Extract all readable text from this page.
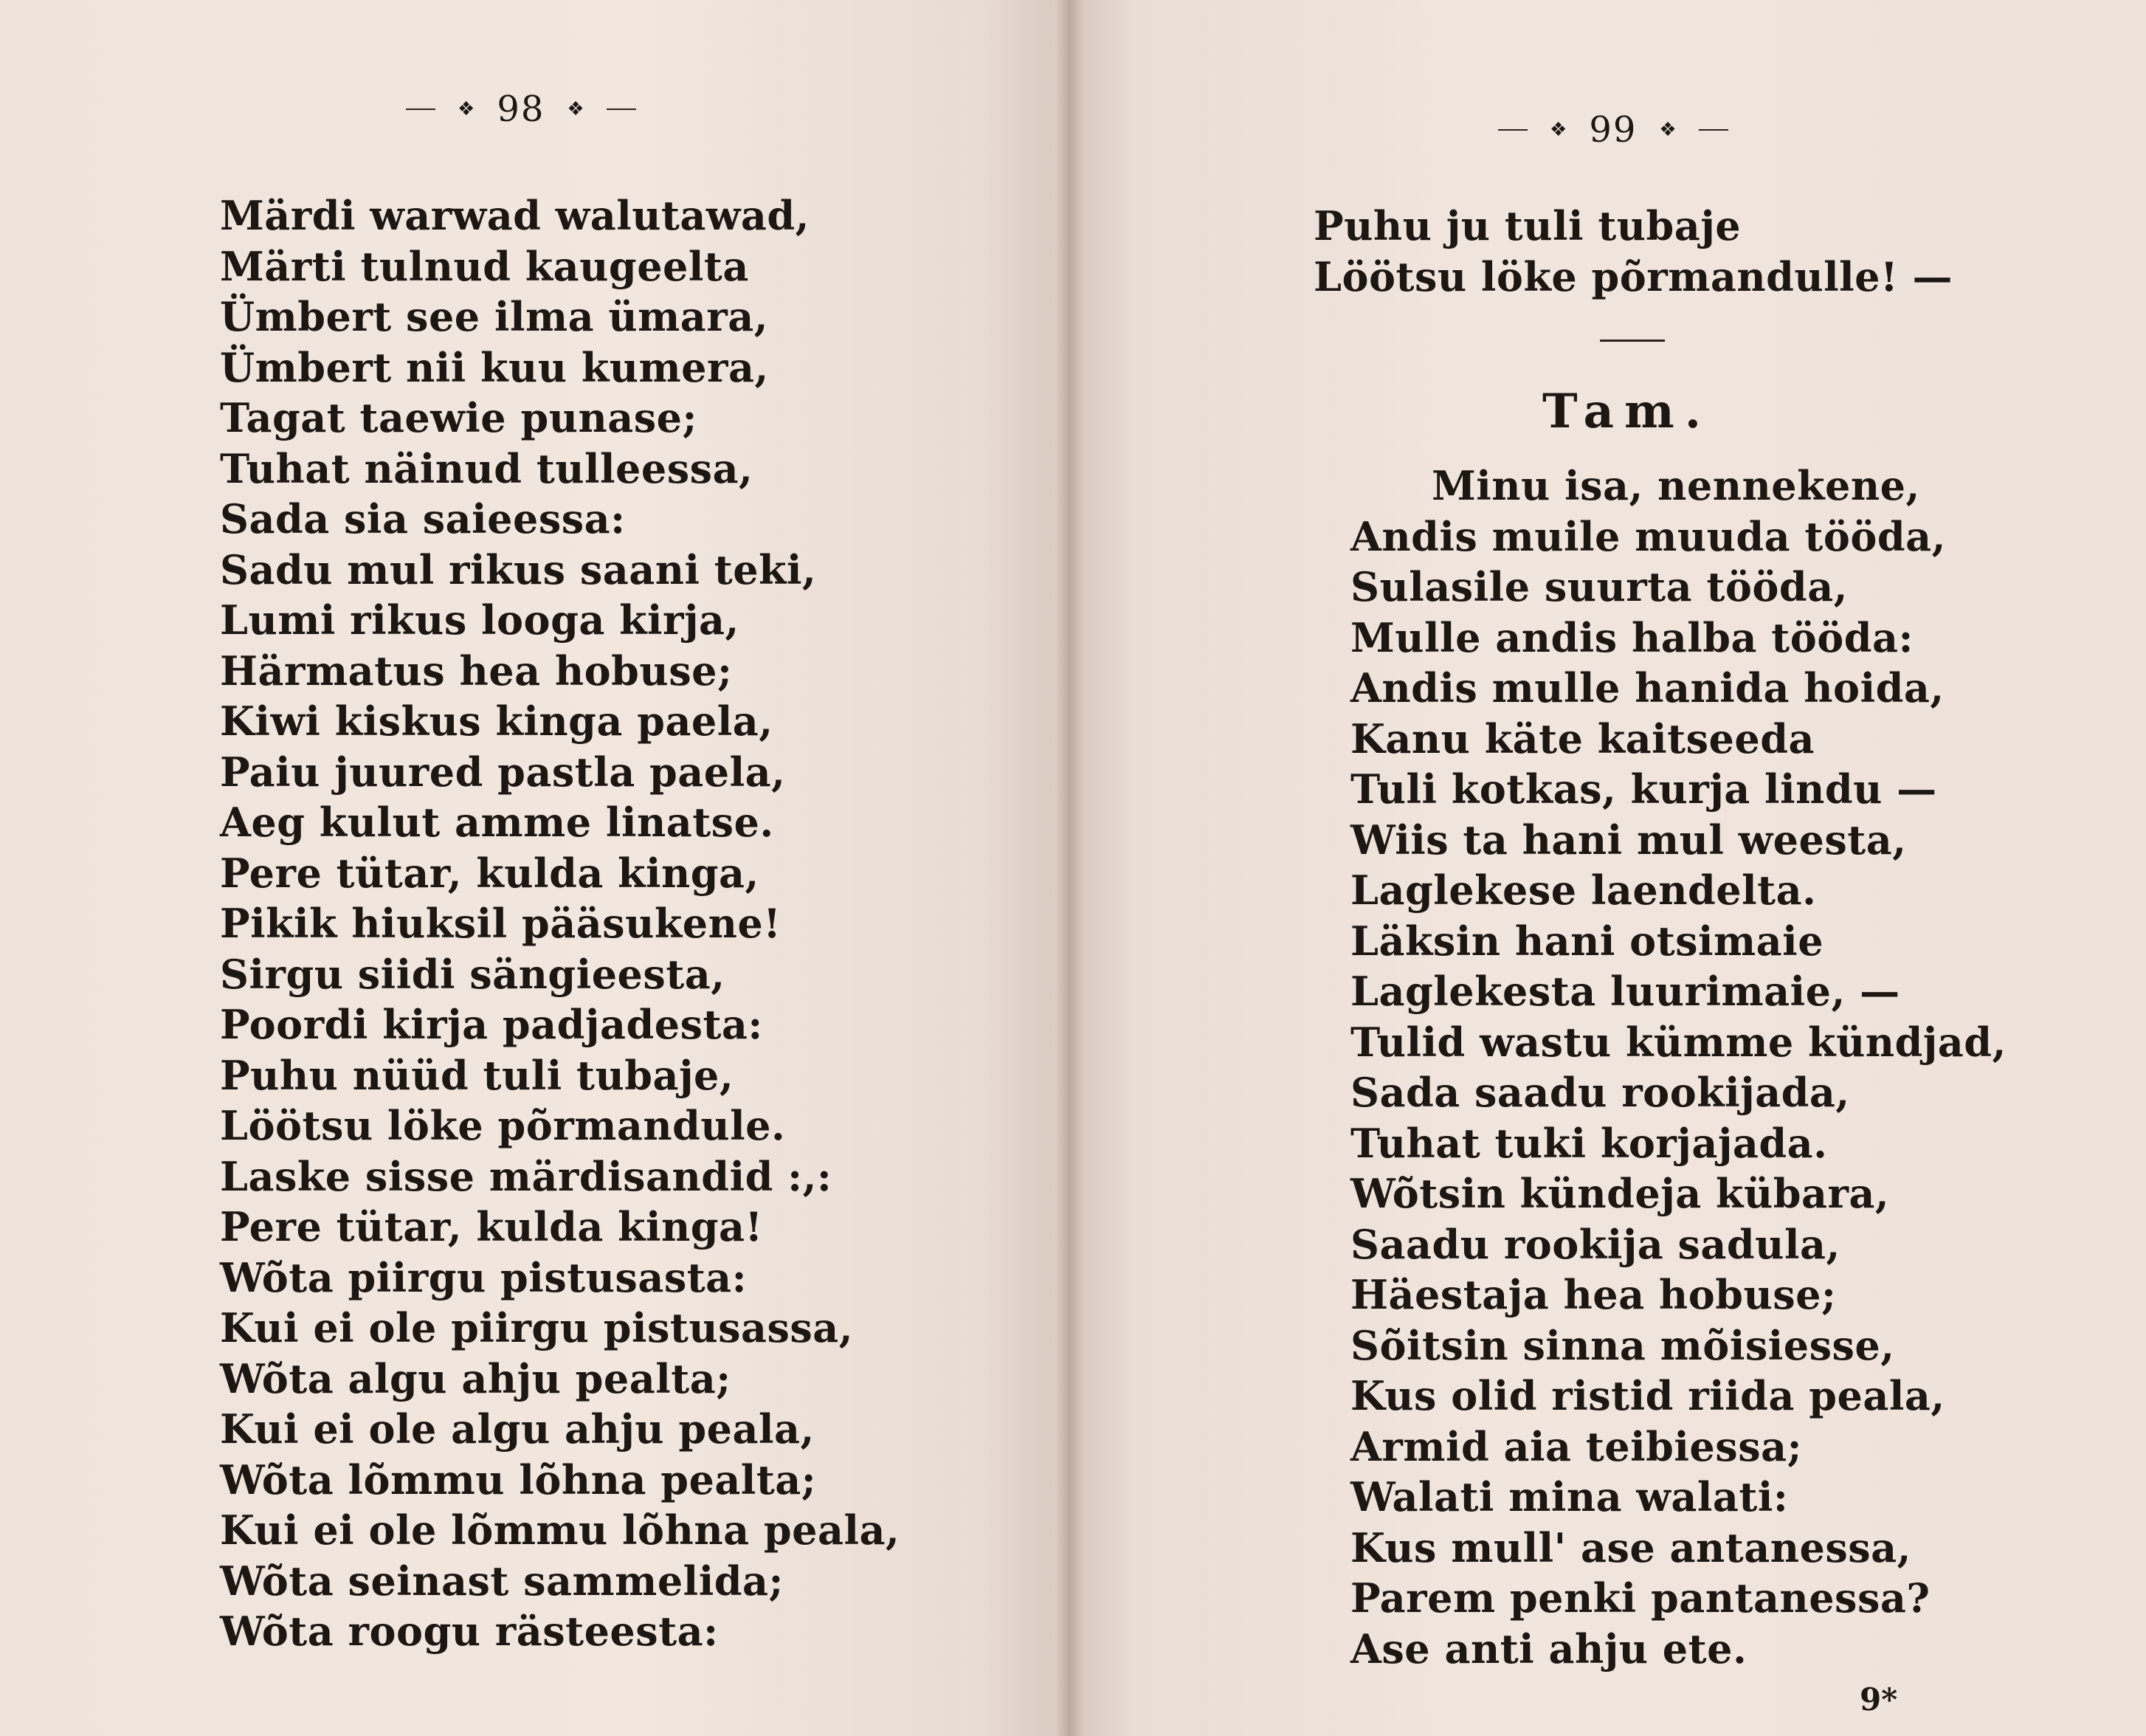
❖ 98 ❖
Märdi warwad walutawad,
Märti tulnud kaugeelta
Ümbert see ilma ümara,
Ümbert nii kuu kumera,
Tagat taewie punase;
Tuhat näinud tulleessa,
Sada sia saieessa:
Sadu mul rikus saani teki,
Lumi rikus looga kirja,
Härmatus hea hobuse;
Kiwi kiskus kinga paela,
Paiu juured pastla paela,
Aeg kulut amme linatse.
Pere tütar, kulda kinga,
Pikik hiuksil pääsukene!
Sirgu siidi sängieesta,
Poordi kirja padjadesta:
Puhu nüüd tuli tubaje,
Löötsu löke põrmandule.
Laske sisse märdisandid :,:
Pere tütar, kulda kinga!
Wõta piirgu pistusasta:
Kui ei ole piirgu pistusassa,
Wõta algu ahju pealta;
Kui ei ole algu ahju peala,
Wõta lõmmu lõhna pealta;
Kui ei ole lõmmu lõhna peala,
Wõta seinast sammelida;
Wõta roogu rästeesta:
❖ 99 ❖
Puhu ju tuli tubaje
Löötsu löke põrmandulle! —
Tam.
Minu isa, nennekene,
Andis muile muuda tööda,
Sulasile suurta tööda,
Mulle andis halba tööda:
Andis mulle hanida hoida,
Kanu käte kaitseeda
Tuli kotkas, kurja lindu —
Wiis ta hani mul weesta,
Laglekese laendelta.
Läksin hani otsimaie
Laglekesta luurimaie, —
Tulid wastu kümme kündjad,
Sada saadu rookijada,
Tuhat tuki korjajada.
Wõtsin kündeja kübara,
Saadu rookija sadula,
Häestaja hea hobuse;
Sõitsin sinna mõisiesse,
Kus olid ristid riida peala,
Armid aia teibiessa;
Walati mina walati:
Kus mull' ase antanessa,
Parem penki pantanessa?
Ase anti ahju ete.
9*
